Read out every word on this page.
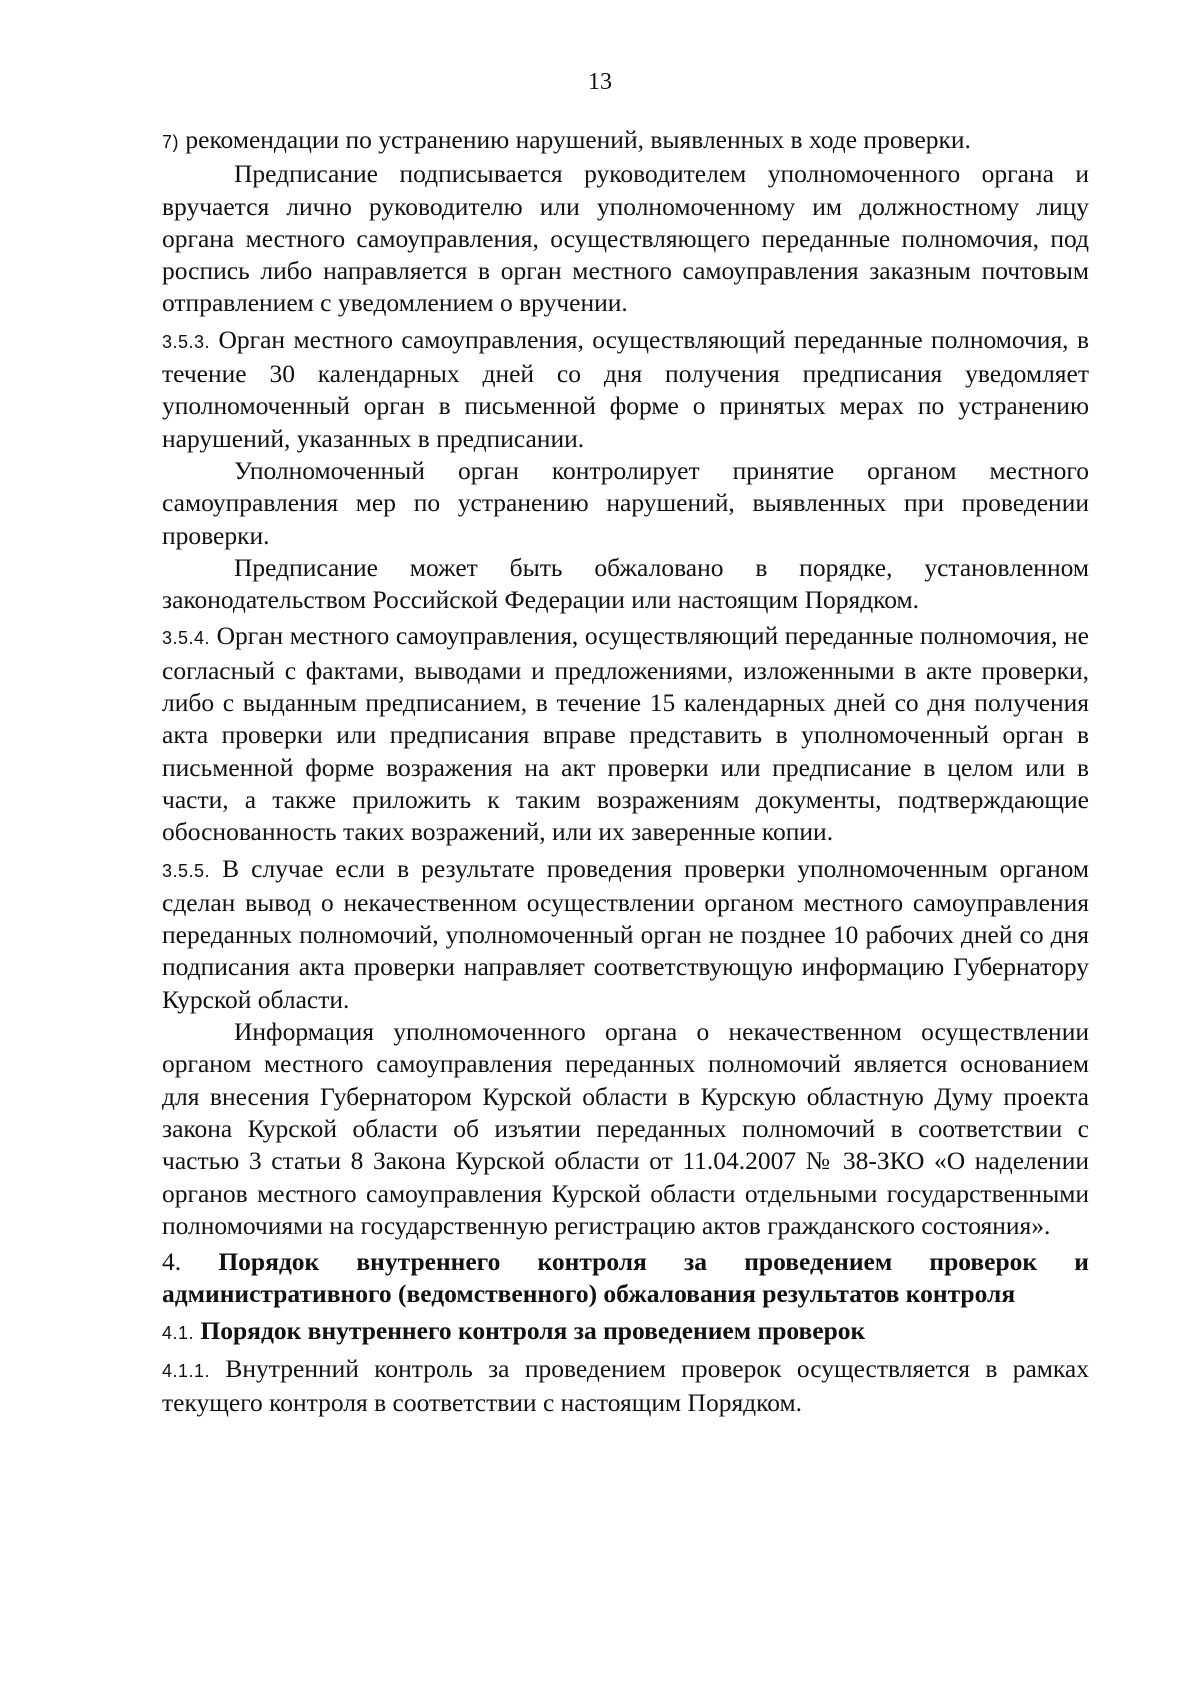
13

7) рекомендации по устранению нарушений, выявленных в ходе проверки.

Предписание подписывается руководителем уполномоченного органа и вручается лично руководителю или уполномоченному им должностному лицу органа местного самоуправления, осуществляющего переданные полномочия, под роспись либо направляется в орган местного самоуправления заказным почтовым отправлением с уведомлением о вручении.

3.5.3. Орган местного самоуправления, осуществляющий переданные полномочия, в течение 30 календарных дней со дня получения предписания уведомляет уполномоченный орган в письменной форме о принятых мерах по устранению нарушений, указанных в предписании.

Уполномоченный орган контролирует принятие органом местного самоуправления мер по устранению нарушений, выявленных при проведении проверки.

Предписание может быть обжаловано в порядке, установленном законодательством Российской Федерации или настоящим Порядком.

3.5.4. Орган местного самоуправления, осуществляющий переданные полномочия, не согласный с фактами, выводами и предложениями, изложенными в акте проверки, либо с выданным предписанием, в течение 15 календарных дней со дня получения акта проверки или предписания вправе представить в уполномоченный орган в письменной форме возражения на акт проверки или предписание в целом или в части, а также приложить к таким возражениям документы, подтверждающие обоснованность таких возражений, или их заверенные копии.

3.5.5. В случае если в результате проведения проверки уполномоченным органом сделан вывод о некачественном осуществлении органом местного самоуправления переданных полномочий, уполномоченный орган не позднее 10 рабочих дней со дня подписания акта проверки направляет соответствующую информацию Губернатору Курской области.

Информация уполномоченного органа о некачественном осуществлении органом местного самоуправления переданных полномочий является основанием для внесения Губернатором Курской области в Курскую областную Думу проекта закона Курской области об изъятии переданных полномочий в соответствии с частью 3 статьи 8 Закона Курской области от 11.04.2007 № 38-ЗКО «О наделении органов местного самоуправления Курской области отдельными государственными полномочиями на государственную регистрацию актов гражданского состояния».

4. Порядок внутреннего контроля за проведением проверок и административного (ведомственного) обжалования результатов контроля

4.1. Порядок внутреннего контроля за проведением проверок

4.1.1. Внутренний контроль за проведением проверок осуществляется в рамках текущего контроля в соответствии с настоящим Порядком.
